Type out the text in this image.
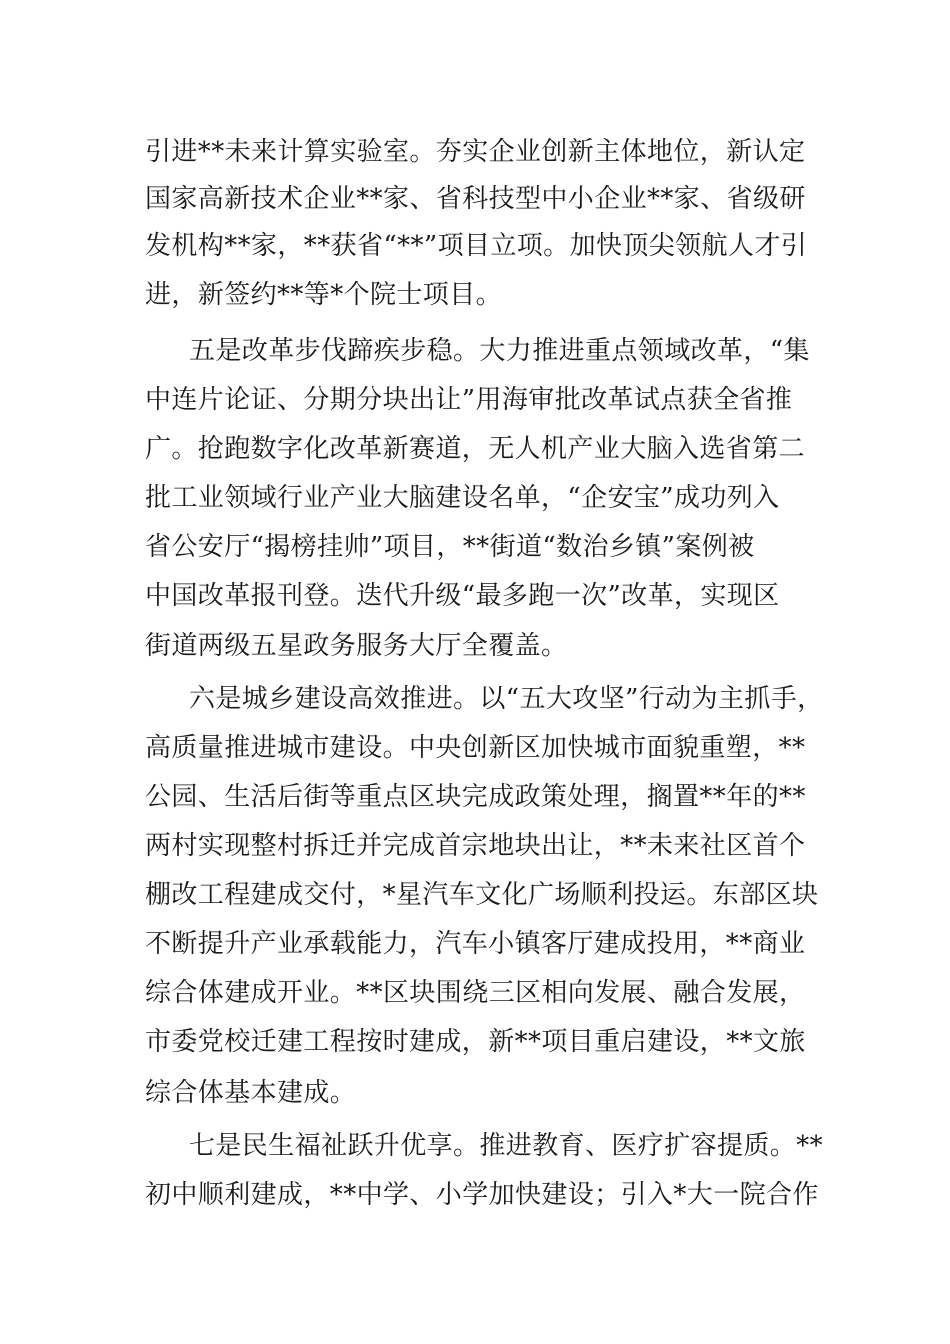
引进**未来计算实验室。夯实企业创新主体地位，新认定
国家高新技术企业**家、省科技型中小企业**家、省级研
发机构**家，**获省“**”项目立项。加快顶尖领航人才引
进，新签约**等*个院士项目。
五是改革步伐蹄疾步稳。大力推进重点领域改革，“集
中连片论证、分期分块出让”用海审批改革试点获全省推
广。抢跑数字化改革新赛道，无人机产业大脑入选省第二
批工业领域行业产业大脑建设名单，“企安宝”成功列入
省公安厅“揭榜挂帅”项目，**街道“数治乡镇”案例被
中国改革报刊登。迭代升级“最多跑一次”改革，实现区
街道两级五星政务服务大厅全覆盖。
六是城乡建设高效推进。以“五大攻坚”行动为主抓手，
高质量推进城市建设。中央创新区加快城市面貌重塑，**
公园、生活后街等重点区块完成政策处理，搁置**年的**
两村实现整村拆迁并完成首宗地块出让，**未来社区首个
棚改工程建成交付，*星汽车文化广场顺利投运。东部区块
不断提升产业承载能力，汽车小镇客厅建成投用，**商业
综合体建成开业。**区块围绕三区相向发展、融合发展，
市委党校迁建工程按时建成，新**项目重启建设，**文旅
综合体基本建成。
七是民生福祉跃升优享。推进教育、医疗扩容提质。**
初中顺利建成，**中学、小学加快建设；引入*大一院合作
